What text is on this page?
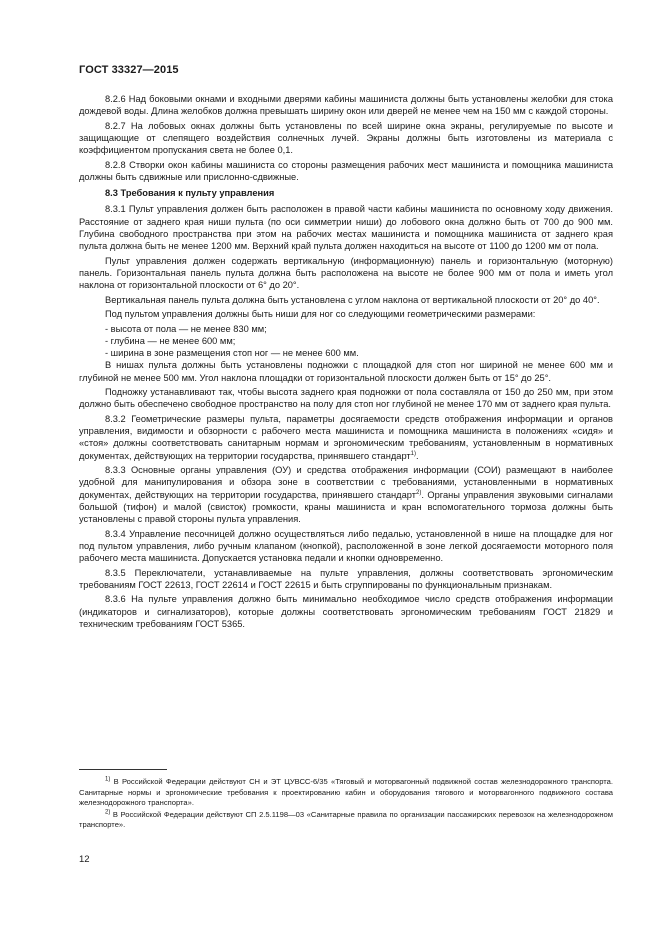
ГОСТ 33327—2015

8.2.6 Над боковыми окнами и входными дверями кабины машиниста должны быть установлены желобки для стока дождевой воды. Длина желобков должна превышать ширину окон или дверей не менее чем на 150 мм с каждой стороны.

8.2.7 На лобовых окнах должны быть установлены по всей ширине окна экраны, регулируемые по высоте и защищающие от слепящего воздействия солнечных лучей. Экраны должны быть изготовлены из материала с коэффициентом пропускания света не более 0,1.

8.2.8 Створки окон кабины машиниста со стороны размещения рабочих мест машиниста и помощника машиниста должны быть сдвижные или прислонно-сдвижные.

8.3 Требования к пульту управления

8.3.1 Пульт управления должен быть расположен в правой части кабины машиниста по основному ходу движения. Расстояние от заднего края ниши пульта (по оси симметрии ниши) до лобового окна должно быть от 700 до 900 мм. Глубина свободного пространства при этом на рабочих местах машиниста и помощника машиниста от заднего края пульта должна быть не менее 1200 мм. Верхний край пульта должен находиться на высоте от 1100 до 1200 мм от пола.

Пульт управления должен содержать вертикальную (информационную) панель и горизонтальную (моторную) панель. Горизонтальная панель пульта должна быть расположена на высоте не более 900 мм от пола и иметь угол наклона от горизонтальной плоскости от 6° до 20°.

Вертикальная панель пульта должна быть установлена с углом наклона от вертикальной плоскости от 20° до 40°.

Под пультом управления должны быть ниши для ног со следующими геометрическими размерами:

- высота от пола — не менее 830 мм;

- глубина — не менее 600 мм;

- ширина в зоне размещения стоп ног — не менее 600 мм.

В нишах пульта должны быть установлены подножки с площадкой для стоп ног шириной не менее 600 мм и глубиной не менее 500 мм. Угол наклона площадки от горизонтальной плоскости должен быть от 15° до 25°.

Подножку устанавливают так, чтобы высота заднего края подножки от пола составляла от 150 до 250 мм, при этом должно быть обеспечено свободное пространство на полу для стоп ног глубиной не менее 170 мм от заднего края пульта.

8.3.2 Геометрические размеры пульта, параметры досягаемости средств отображения информации и органов управления, видимости и обзорности с рабочего места машиниста и помощника машиниста в положениях «сидя» и «стоя» должны соответствовать санитарным нормам и эргономическим требованиям, установленным в нормативных документах, действующих на территории государства, принявшего стандарт$^{1)}$.

8.3.3 Основные органы управления (ОУ) и средства отображения информации (СОИ) размещают в наиболее удобной для манипулирования и обзора зоне в соответствии с требованиями, установленными в нормативных документах, действующих на территории государства, принявшего стандарт$^{2)}$. Органы управления звуковыми сигналами большой (тифон) и малой (свисток) громкости, краны машиниста и кран вспомогательного тормоза должны быть установлены с правой стороны пульта управления.

8.3.4 Управление песочницей должно осуществляться либо педалью, установленной в нише на площадке для ног под пультом управления, либо ручным клапаном (кнопкой), расположенной в зоне легкой досягаемости моторного поля рабочего места машиниста. Допускается установка педали и кнопки одновременно.

8.3.5 Переключатели, устанавливаемые на пульте управления, должны соответствовать эргономическим требованиям ГОСТ 22613, ГОСТ 22614 и ГОСТ 22615 и быть сгруппированы по функциональным признакам.

8.3.6 На пульте управления должно быть минимально необходимое число средств отображения информации (индикаторов и сигнализаторов), которые должны соответствовать эргономическим требованиям ГОСТ 21829 и техническим требованиям ГОСТ 5365.

$^{1)}$ В Российской Федерации действуют СН и ЭТ ЦУВСС-6/35 «Тяговый и моторвагонный подвижной состав железнодорожного транспорта. Санитарные нормы и эргономические требования к проектированию кабин и оборудования тягового и моторвагонного подвижного состава железнодорожного транспорта».

$^{2)}$ В Российской Федерации действуют СП 2.5.1198—03 «Санитарные правила по организации пассажирских перевозок на железнодорожном транспорте».

12
